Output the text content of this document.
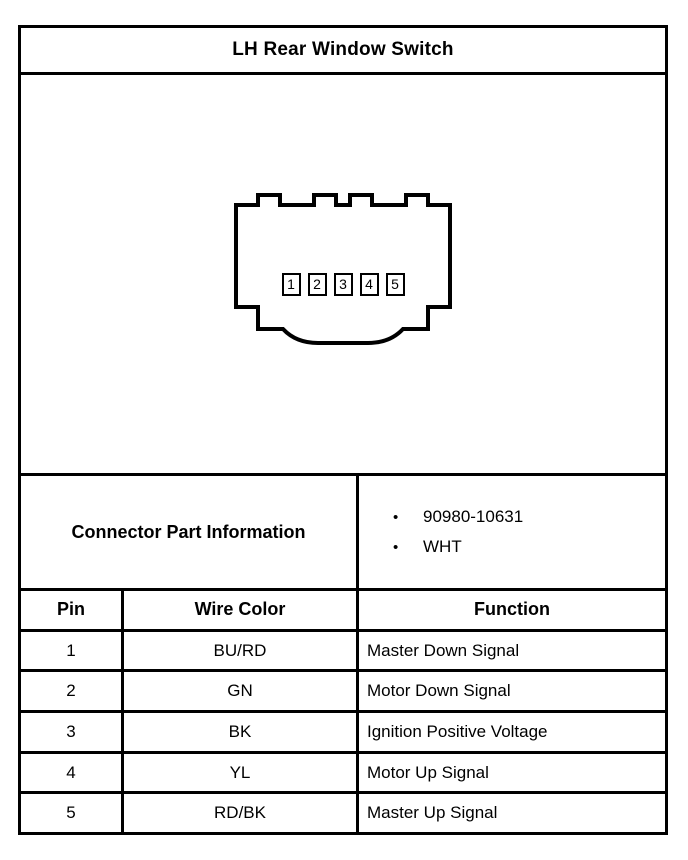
LH Rear Window Switch
1	2	3	4	5
Connector Part Information
•	90980-10631
•	WHT
Pin	Wire Color	Function
1	BU/RD	Master Down Signal
2	GN	Motor Down Signal
3	BK	Ignition Positive Voltage
4	YL	Motor Up Signal
5	RD/BK	Master Up Signal
